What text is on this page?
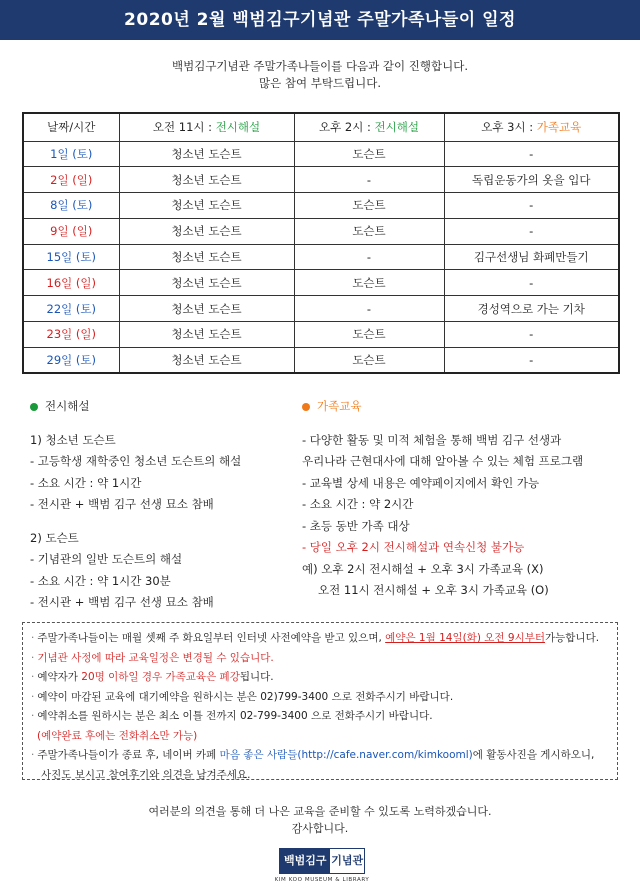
2020년 2월 백범김구기념관 주말가족나들이 일정
백범김구기념관 주말가족나들이를 다음과 같이 진행합니다.
많은 참여 부탁드립니다.
날짜/시간	오전 11시 : 전시해설	오후 2시 : 전시해설	오후 3시 : 가족교육
1일 (토)	청소년 도슨트	도슨트	-
2일 (일)	청소년 도슨트	-	독립운동가의 옷을 입다
8일 (토)	청소년 도슨트	도슨트	-
9일 (일)	청소년 도슨트	도슨트	-
15일 (토)	청소년 도슨트	-	김구선생님 화폐만들기
16일 (일)	청소년 도슨트	도슨트	-
22일 (토)	청소년 도슨트	-	경성역으로 가는 기차
23일 (일)	청소년 도슨트	도슨트	-
29일 (토)	청소년 도슨트	도슨트	-
전시해설
1) 청소년 도슨트
- 고등학생 재학중인 청소년 도슨트의 해설
- 소요 시간 : 약 1시간
- 전시관 + 백범 김구 선생 묘소 참배
2) 도슨트
- 기념관의 일반 도슨트의 해설
- 소요 시간 : 약 1시간 30분
- 전시관 + 백범 김구 선생 묘소 참배
가족교육
- 다양한 활동 및 미적 체험을 통해 백범 김구 선생과
우리나라 근현대사에 대해 알아볼 수 있는 체험 프로그램
- 교육별 상세 내용은 예약페이지에서 확인 가능
- 소요 시간 : 약 2시간
- 초등 동반 가족 대상
- 당일 오후 2시 전시해설과 연속신청 불가능
예) 오후 2시 전시해설 + 오후 3시 가족교육 (X)
오전 11시 전시해설 + 오후 3시 가족교육 (O)
· 주말가족나들이는 매월 셋째 주 화요일부터 인터넷 사전예약을 받고 있으며, 예약은 1월 14일(화) 오전 9시부터가능합니다.
· 기념관 사정에 따라 교육일정은 변경될 수 있습니다.
· 예약자가 20명 이하일 경우 가족교육은 폐강됩니다.
· 예약이 마감된 교육에 대기예약을 원하시는 분은 02)799-3400 으로 전화주시기 바랍니다.
· 예약취소를 원하시는 분은 최소 이틀 전까지 02-799-3400 으로 전화주시기 바랍니다.
(예약완료 후에는 전화취소만 가능)
· 주말가족나들이가 종료 후, 네이버 카페 마음 좋은 사람들(http://cafe.naver.com/kimkooml)에 활동사진을 게시하오니,
사진도 보시고 참여후기와 의견을 남겨주세요.
여러분의 의견을 통해 더 나은 교육을 준비할 수 있도록 노력하겠습니다.
감사합니다.
백범김구 기념관
KIM KOO MUSEUM & LIBRARY
